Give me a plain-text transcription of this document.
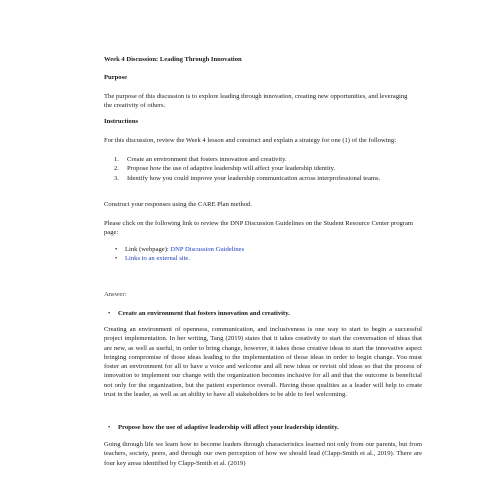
Week 4 Discussion: Leading Through Innovation

Purpose

The purpose of this discussion is to explore leading through innovation, creating new opportunities, and leveraging the creativity of others.

Instructions

For this discussion, review the Week 4 lesson and construct and explain a strategy for one (1) of the following:

1. Create an environment that fosters innovation and creativity.
2. Propose how the use of adaptive leadership will affect your leadership identity.
3. Identify how you could improve your leadership communication across interprofessional teams.

Construct your responses using the CARE Plan method.

Please click on the following link to review the DNP Discussion Guidelines on the Student Resource Center program page:

• Link (webpage): DNP Discussion Guidelines
• Links to an external site.

Answer:

•	Create an environment that fosters innovation and creativity.

Creating an environment of openness, communication, and inclusiveness is one way to start to begin a successful project implementation. In her writing, Tang (2019) states that it takes creativity to start the conversation of ideas that are new, as well as useful, in order to bring change, however, it takes those creative ideas to start the innovative aspect bringing compromise of those ideas leading to the implementation of those ideas in order to begin change. You must foster an environment for all to have a voice and welcome and all new ideas or revisit old ideas so that the process of innovation to implement our change with the organization becomes inclusive for all and that the outcome is beneficial not only for the organization, but the patient experience overall. Having those qualities as a leader will help to create trust in the leader, as well as an ability to have all stakeholders to be able to feel welcoming.

•	Propose how the use of adaptive leadership will affect your leadership identity.

Going through life we learn how to become leaders through characteristics learned not only from our parents, but from teachers, society, peers, and through our own perception of how we should lead (Clapp-Smith et al., 2019). There are four key areas identified by Clapp-Smith et al. (2019)
